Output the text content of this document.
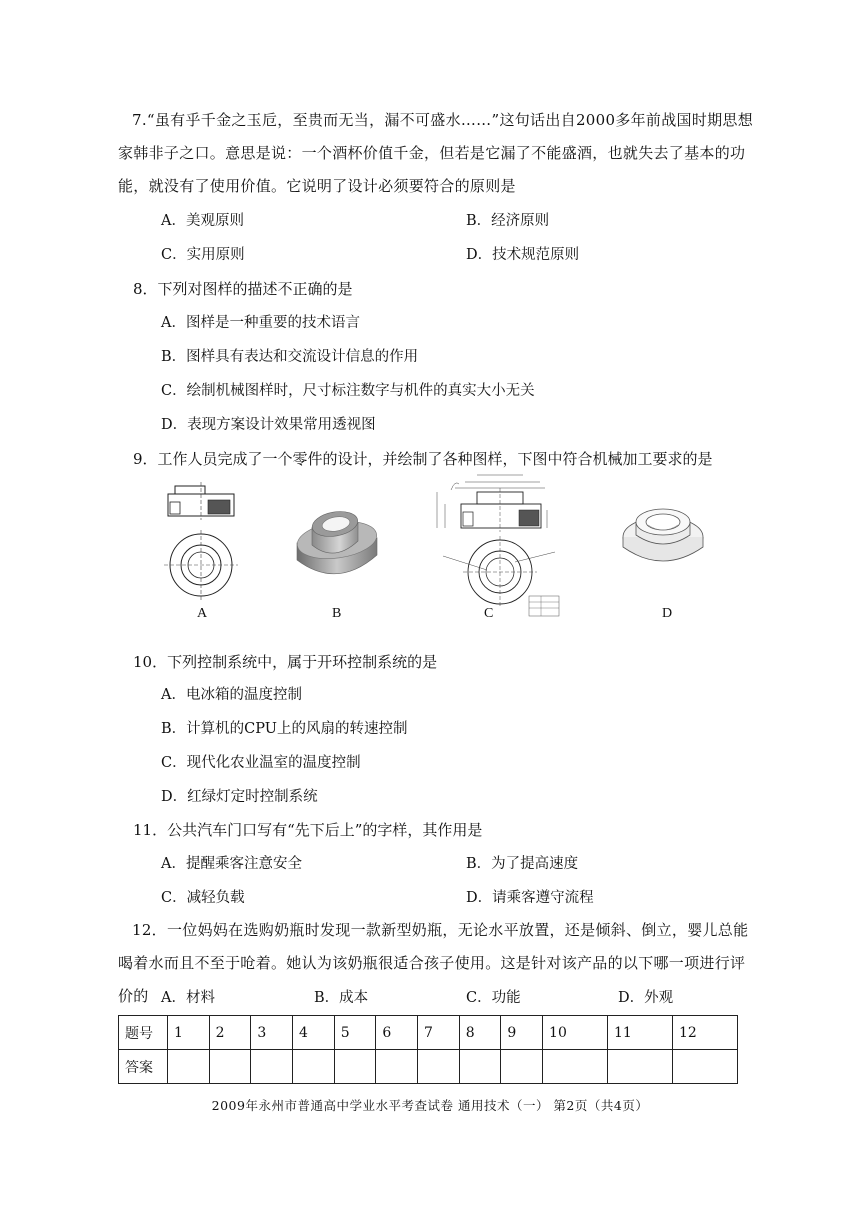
7.“虽有乎千金之玉卮，至贵而无当，漏不可盛水……”这句话出自2000多年前战国时期思想家韩非子之口。意思是说：一个酒杯价值千金，但若是它漏了不能盛酒，也就失去了基本的功能，就没有了使用价值。它说明了设计必须要符合的原则是

A．美观原则	B．经济原则
C．实用原则	D．技术规范原则
8．下列对图样的描述不正确的是
A．图样是一种重要的技术语言
B．图样具有表达和交流设计信息的作用
C．绘制机械图样时，尺寸标注数字与机件的真实大小无关
D．表现方案设计效果常用透视图
9．工作人员完成了一个零件的设计，并绘制了各种图样，下图中符合机械加工要求的是
A	B	C	D
10．下列控制系统中，属于开环控制系统的是
A．电冰箱的温度控制
B．计算机的CPU上的风扇的转速控制
C．现代化农业温室的温度控制
D．红绿灯定时控制系统
11．公共汽车门口写有“先下后上”的字样，其作用是
A．提醒乘客注意安全	B．为了提高速度
C．减轻负载	D．请乘客遵守流程

12．一位妈妈在选购奶瓶时发现一款新型奶瓶，无论水平放置，还是倾斜、倒立，婴儿总能喝着水而且不至于呛着。她认为该奶瓶很适合孩子使用。这是针对该产品的以下哪一项进行评价的 A．材料	B．成本	C．功能	D．外观
题号	1	2	3	4	5	6	7	8	9	10	11	12
答案												
2009年永州市普通高中学业水平考查试卷 通用技术（一） 第2页（共4页）
